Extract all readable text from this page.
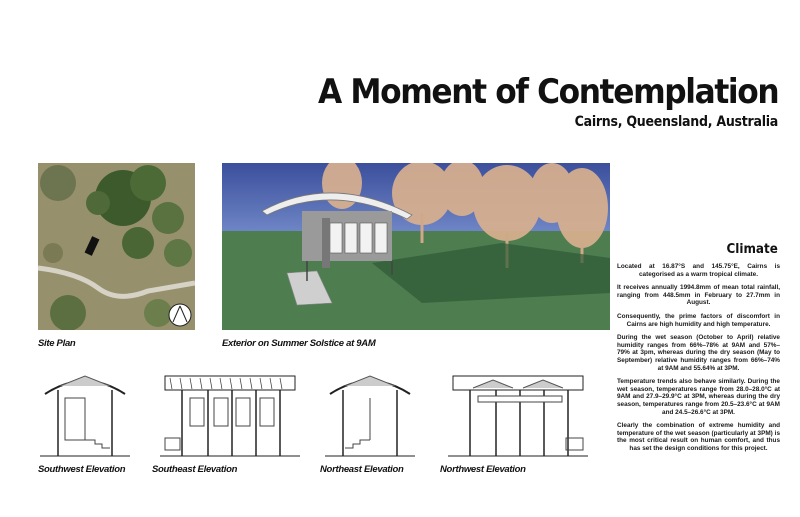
A Moment of Contemplation
Cairns, Queensland, Australia
Site Plan	Exterior on Summer Solstice at 9AM
Southwest Elevation	Southeast Elevation	Northeast Elevation	Northwest Elevation
Climate

Located at 16.87°S and 145.75°E, Cairns is categorised as a warm tropical climate.

It receives annually 1994.8mm of mean total rainfall, ranging from 448.5mm in February to 27.7mm in August.

Consequently, the prime factors of discomfort in Cairns are high humidity and high temperature.

During the wet season (October to April) relative humidity ranges from 66%–78% at 9AM and 57%–79% at 3pm, whereas during the dry season (May to September) relative humidity ranges from 66%–74% at 9AM and 55.64% at 3PM.

Temperature trends also behave similarly. During the wet season, temperatures range from 28.0–28.0°C at 9AM and 27.9–29.9°C at 3PM, whereas during the dry season, temperatures range from 20.5–23.6°C at 9AM and 24.5–26.6°C at 3PM.

Clearly the combination of extreme humidity and temperature of the wet season (particularly at 3PM) is the most critical result on human comfort, and thus has set the design conditions for this project.
